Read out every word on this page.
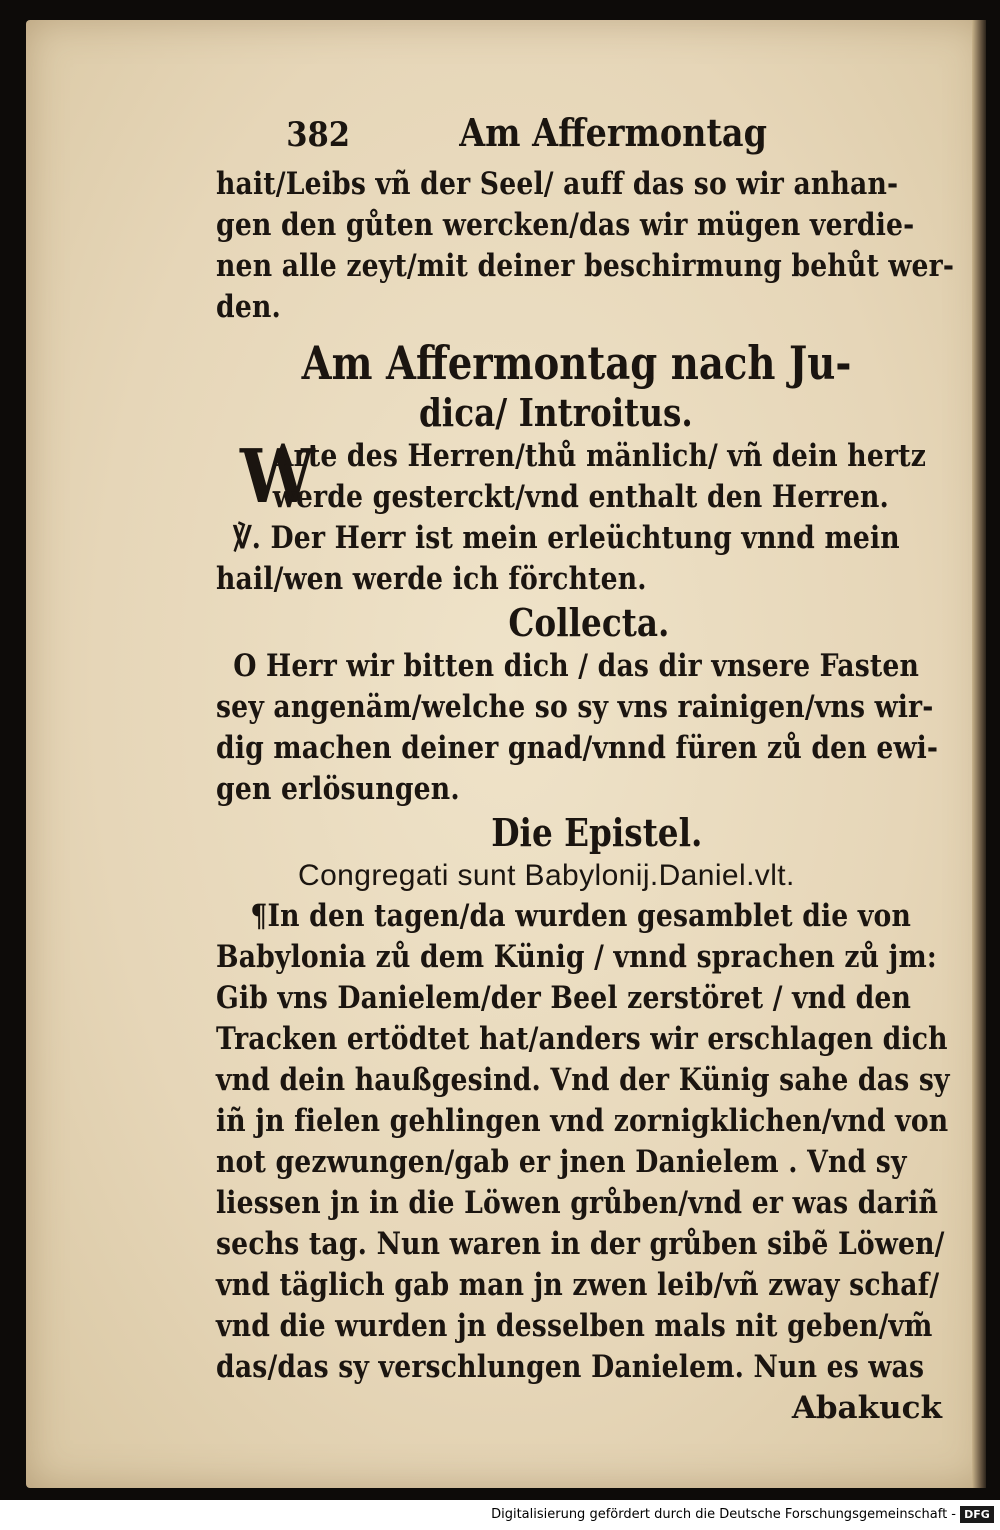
382	Am Affermontag
hait/Leibs vñ der Seel/ auff das so wir anhan-
gen den gůten wercken/das wir mügen verdie-
nen alle zeyt/mit deiner beschirmung behůt wer-
den.
Am Affermontag nach Ju-
dica/ Introitus.
W
Arte des Herren/thů mänlich/ vñ dein hertz
werde gesterckt/vnd enthalt den Herren.
℣. Der Herr ist mein erleüchtung vnnd mein
hail/wen werde ich förchten.
Collecta.
O Herr wir bitten dich / das dir vnsere Fasten
sey angenäm/welche so sy vns rainigen/vns wir-
dig machen deiner gnad/vnnd füren zů den ewi-
gen erlösungen.
Die Epistel.
Congregati sunt Babylonij.Daniel.vlt.
¶In den tagen/da wurden gesamblet die von
Babylonia zů dem Künig / vnnd sprachen zů jm:
Gib vns Danielem/der Beel zerstöret / vnd den
Tracken ertödtet hat/anders wir erschlagen dich
vnd dein haußgesind. Vnd der Künig sahe das sy
iñ jn fielen gehlingen vnd zornigklichen/vnd von
not gezwungen/gab er jnen Danielem . Vnd sy
liessen jn in die Löwen grůben/vnd er was dariñ
sechs tag. Nun waren in der grůben sibẽ Löwen/
vnd täglich gab man jn zwen leib/vñ zway schaf/
vnd die wurden jn desselben mals nit geben/vm̃
das/das sy verschlungen Danielem. Nun es was
Abakuck
Digitalisierung gefördert durch die Deutsche Forschungsgemeinschaft - DFG
